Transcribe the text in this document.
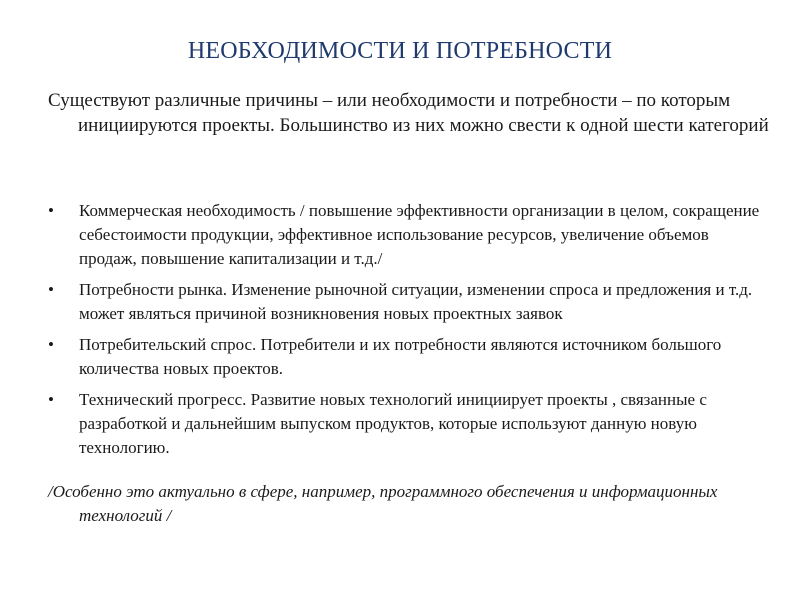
НЕОБХОДИМОСТИ И ПОТРЕБНОСТИ
Существуют различные причины – или необходимости и потребности – по которым инициируются проекты. Большинство из них можно свести к одной шести категорий
•	Коммерческая необходимость / повышение эффективности организации в целом, сокращение себестоимости продукции, эффективное использование ресурсов, увеличение объемов продаж, повышение капитализации и т.д./
•	Потребности рынка. Изменение рыночной ситуации, изменении спроса и предложения и т.д. может являться причиной возникновения новых проектных заявок
•	Потребительский спрос. Потребители и их потребности являются источником большого количества новых проектов.
•	Технический прогресс. Развитие новых технологий инициирует проекты , связанные с разработкой и дальнейшим выпуском продуктов, которые используют данную новую технологию.
/Особенно это актуально в сфере, например, программного обеспечения и информационных технологий /
